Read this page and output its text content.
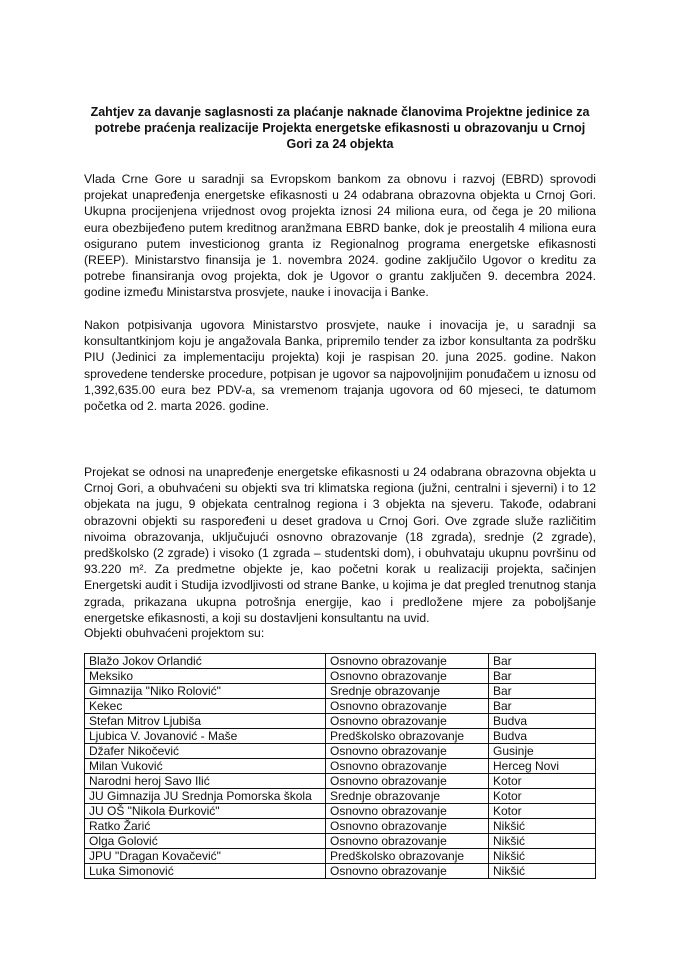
Zahtjev za davanje saglasnosti za plaćanje naknade članovima Projektne jedinice za potrebe praćenja realizacije Projekta energetske efikasnosti u obrazovanju u Crnoj Gori za 24 objekta

Vlada Crne Gore u saradnji sa Evropskom bankom za obnovu i razvoj (EBRD) sprovodi projekat unapređenja energetske efikasnosti u 24 odabrana obrazovna objekta u Crnoj Gori. Ukupna procijenjena vrijednost ovog projekta iznosi 24 miliona eura, od čega je 20 miliona eura obezbijeđeno putem kreditnog aranžmana EBRD banke, dok je preostalih 4 miliona eura osigurano putem investicionog granta iz Regionalnog programa energetske efikasnosti (REEP). Ministarstvo finansija je 1. novembra 2024. godine zaključilo Ugovor o kreditu za potrebe finansiranja ovog projekta, dok je Ugovor o grantu zaključen 9. decembra 2024. godine između Ministarstva prosvjete, nauke i inovacija i Banke.

Nakon potpisivanja ugovora Ministarstvo prosvjete, nauke i inovacija je, u saradnji sa konsultantkinjom koju je angažovala Banka, pripremilo tender za izbor konsultanta za podršku PIU (Jedinici za implementaciju projekta) koji je raspisan 20. juna 2025. godine. Nakon sprovedene tenderske procedure, potpisan je ugovor sa najpovoljnijim ponuđačem u iznosu od 1,392,635.00 eura bez PDV-a, sa vremenom trajanja ugovora od 60 mjeseci, te datumom početka od 2. marta 2026. godine.

Projekat se odnosi na unapređenje energetske efikasnosti u 24 odabrana obrazovna objekta u Crnoj Gori, a obuhvaćeni su objekti sva tri klimatska regiona (južni, centralni i sjeverni) i to 12 objekata na jugu, 9 objekata centralnog regiona i 3 objekta na sjeveru. Takođe, odabrani obrazovni objekti su raspoređeni u deset gradova u Crnoj Gori. Ove zgrade služe različitim nivoima obrazovanja, uključujući osnovno obrazovanje (18 zgrada), srednje (2 zgrade), predškolsko (2 zgrade) i visoko (1 zgrada – studentski dom), i obuhvataju ukupnu površinu od 93.220 m². Za predmetne objekte je, kao početni korak u realizaciji projekta, sačinjen Energetski audit i Studija izvodljivosti od strane Banke, u kojima je dat pregled trenutnog stanja zgrada, prikazana ukupna potrošnja energije, kao i predložene mjere za poboljšanje energetske efikasnosti, a koji su dostavljeni konsultantu na uvid.

Objekti obuhvaćeni projektom su:

Blažo Jokov Orlandić	Osnovno obrazovanje	Bar
Meksiko	Osnovno obrazovanje	Bar
Gimnazija "Niko Rolović"	Srednje obrazovanje	Bar
Kekec	Osnovno obrazovanje	Bar
Stefan Mitrov Ljubiša	Osnovno obrazovanje	Budva
Ljubica V. Jovanović - Maše	Predškolsko obrazovanje	Budva
Džafer Nikočević	Osnovno obrazovanje	Gusinje
Milan Vuković	Osnovno obrazovanje	Herceg Novi
Narodni heroj Savo Ilić	Osnovno obrazovanje	Kotor
JU Gimnazija JU Srednja Pomorska škola	Srednje obrazovanje	Kotor
JU OŠ "Nikola Đurković"	Osnovno obrazovanje	Kotor
Ratko Žarić	Osnovno obrazovanje	Nikšić
Olga Golović	Osnovno obrazovanje	Nikšić
JPU "Dragan Kovačević"	Predškolsko obrazovanje	Nikšić
Luka Simonović	Osnovno obrazovanje	Nikšić
